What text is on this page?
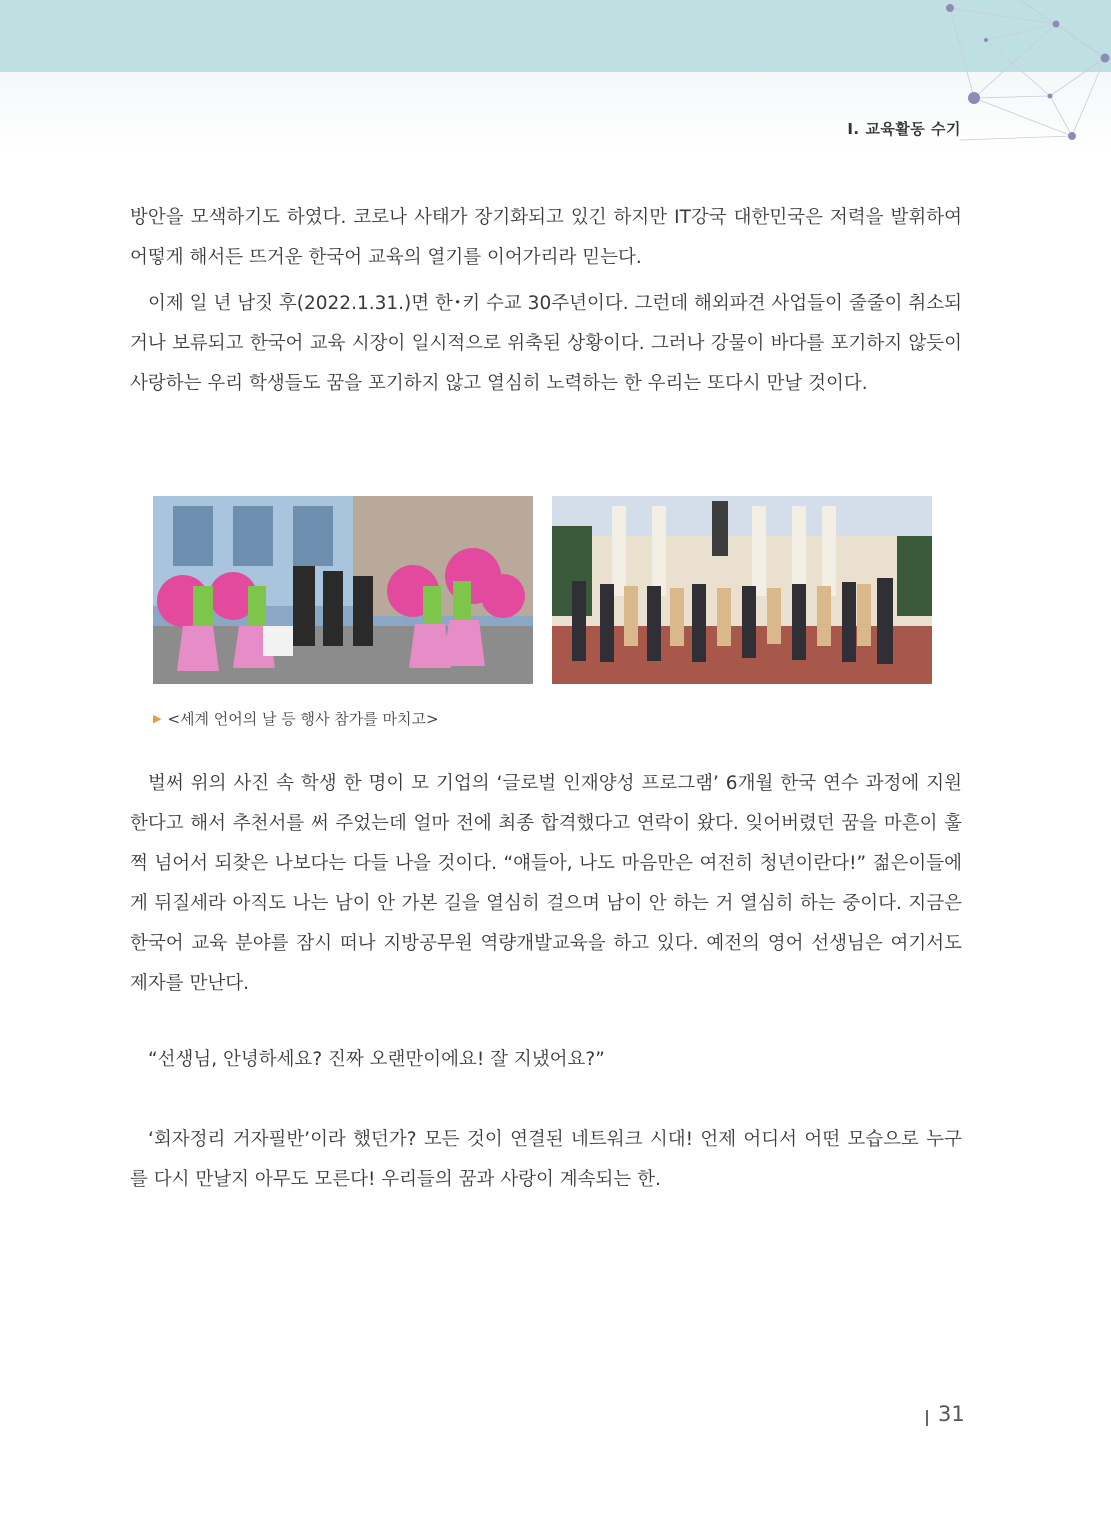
Ⅰ. 교육활동 수기

방안을 모색하기도 하였다. 코로나 사태가 장기화되고 있긴 하지만 IT강국 대한민국은 저력을 발휘하여 어떻게 해서든 뜨거운 한국어 교육의 열기를 이어가리라 믿는다.

이제 일 년 남짓 후(2022.1.31.)면 한･키 수교 30주년이다. 그런데 해외파견 사업들이 줄줄이 취소되거나 보류되고 한국어 교육 시장이 일시적으로 위축된 상황이다. 그러나 강물이 바다를 포기하지 않듯이 사랑하는 우리 학생들도 꿈을 포기하지 않고 열심히 노력하는 한 우리는 또다시 만날 것이다.

▶ <세계 언어의 날 등 행사 참가를 마치고>

벌써 위의 사진 속 학생 한 명이 모 기업의 ‘글로벌 인재양성 프로그램’ 6개월 한국 연수 과정에 지원한다고 해서 추천서를 써 주었는데 얼마 전에 최종 합격했다고 연락이 왔다. 잊어버렸던 꿈을 마흔이 훌쩍 넘어서 되찾은 나보다는 다들 나을 것이다. “얘들아, 나도 마음만은 여전히 청년이란다!” 젊은이들에게 뒤질세라 아직도 나는 남이 안 가본 길을 열심히 걸으며 남이 안 하는 거 열심히 하는 중이다. 지금은 한국어 교육 분야를 잠시 떠나 지방공무원 역량개발교육을 하고 있다. 예전의 영어 선생님은 여기서도 제자를 만난다.

“선생님, 안녕하세요? 진짜 오랜만이에요! 잘 지냈어요?”

‘회자정리 거자필반’이라 했던가? 모든 것이 연결된 네트워크 시대! 언제 어디서 어떤 모습으로 누구를 다시 만날지 아무도 모른다! 우리들의 꿈과 사랑이 계속되는 한.

31
